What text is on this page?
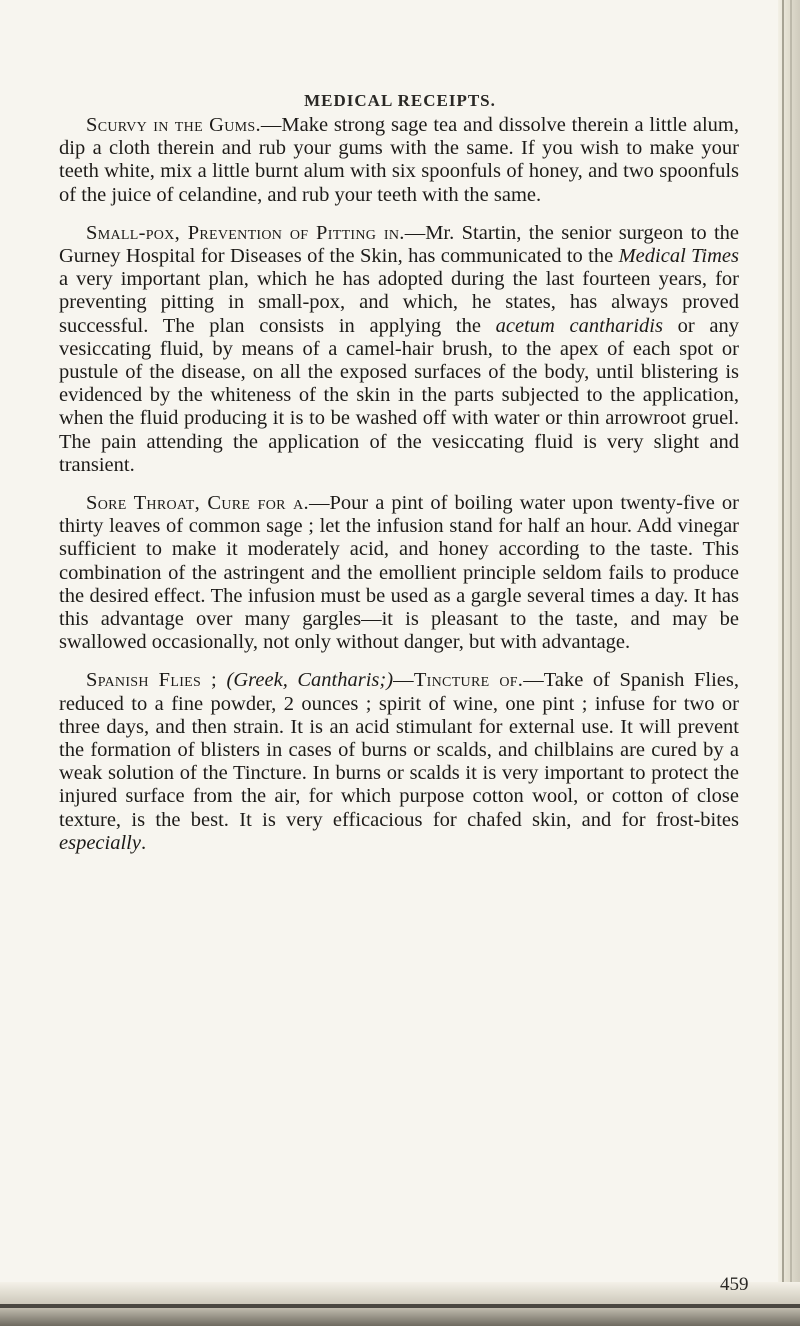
MEDICAL RECEIPTS.

Scurvy in the Gums.—Make strong sage tea and dissolve therein a little alum, dip a cloth therein and rub your gums with the same. If you wish to make your teeth white, mix a little burnt alum with six spoonfuls of honey, and two spoonfuls of the juice of celandine, and rub your teeth with the same.

Small-pox, Prevention of Pitting in.—Mr. Startin, the senior surgeon to the Gurney Hospital for Diseases of the Skin, has communicated to the Medical Times a very important plan, which he has adopted during the last fourteen years, for preventing pitting in small-pox, and which, he states, has always proved successful. The plan consists in applying the acetum cantharidis or any vesiccating fluid, by means of a camel-hair brush, to the apex of each spot or pustule of the disease, on all the exposed surfaces of the body, until blistering is evidenced by the whiteness of the skin in the parts subjected to the application, when the fluid producing it is to be washed off with water or thin arrowroot gruel. The pain attending the application of the vesiccating fluid is very slight and transient.

Sore Throat, Cure for a.—Pour a pint of boiling water upon twenty-five or thirty leaves of common sage ; let the infusion stand for half an hour. Add vinegar sufficient to make it moderately acid, and honey according to the taste. This combination of the astringent and the emollient principle seldom fails to produce the desired effect. The infusion must be used as a gargle several times a day. It has this advantage over many gargles—it is pleasant to the taste, and may be swallowed occasionally, not only without danger, but with advantage.

Spanish Flies ; (Greek, Cantharis;)—Tincture of.—Take of Spanish Flies, reduced to a fine powder, 2 ounces ; spirit of wine, one pint ; infuse for two or three days, and then strain. It is an acid stimulant for external use. It will prevent the formation of blisters in cases of burns or scalds, and chilblains are cured by a weak solution of the Tincture. In burns or scalds it is very important to protect the injured surface from the air, for which purpose cotton wool, or cotton of close texture, is the best. It is very efficacious for chafed skin, and for frost-bites especially.

459
